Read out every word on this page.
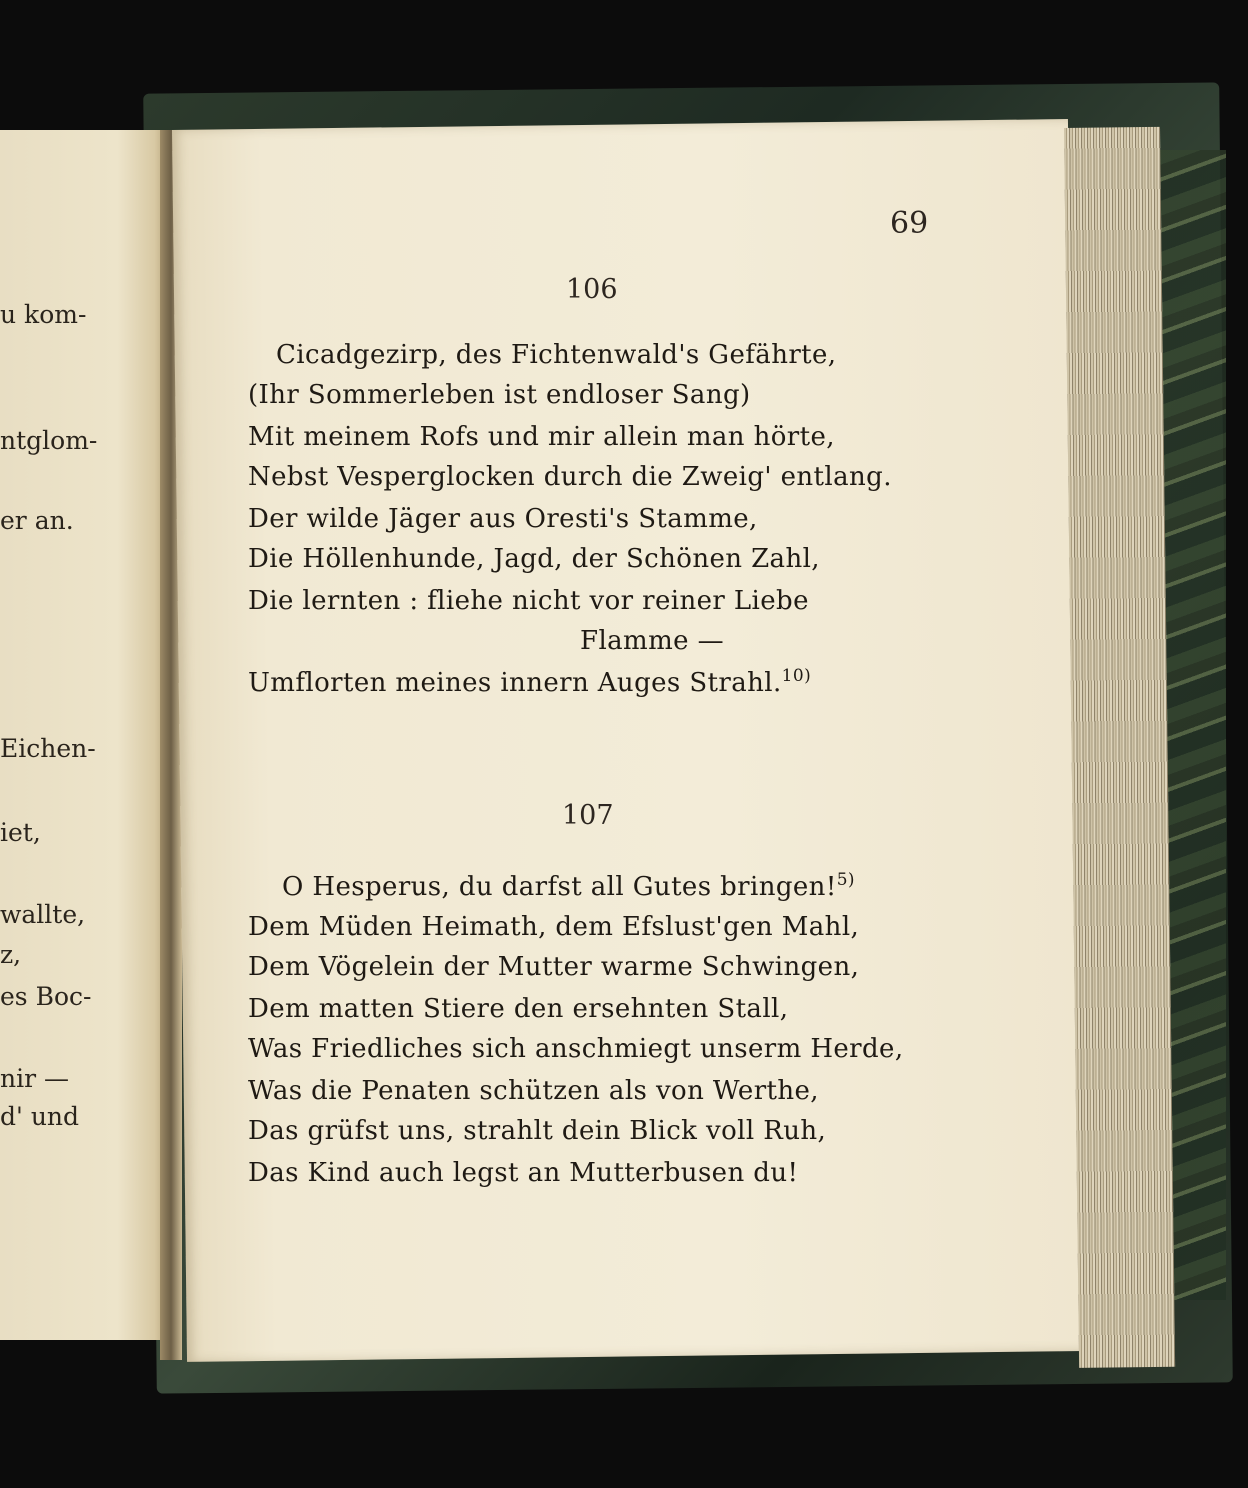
u kom-
ntglom-
er an.
Eichen-
iet,
wallte,
z,
es Boc-
nir —
d' und
69
106
Cicadgezirp, des Fichtenwald's Gefährte,
(Ihr Sommerleben ist endloser Sang)
Mit meinem Rofs und mir allein man hörte,
Nebst Vesperglocken durch die Zweig' entlang.
Der wilde Jäger aus Oresti's Stamme,
Die Höllenhunde, Jagd, der Schönen Zahl,
Die lernten : fliehe nicht vor reiner Liebe
Flamme —
Umflorten meines innern Auges Strahl.$^{10)}$
107
O Hesperus, du darfst all Gutes bringen!$^{5)}$
Dem Müden Heimath, dem Efslust'gen Mahl,
Dem Vögelein der Mutter warme Schwingen,
Dem matten Stiere den ersehnten Stall,
Was Friedliches sich anschmiegt unserm Herde,
Was die Penaten schützen als von Werthe,
Das grüfst uns, strahlt dein Blick voll Ruh,
Das Kind auch legst an Mutterbusen du!
